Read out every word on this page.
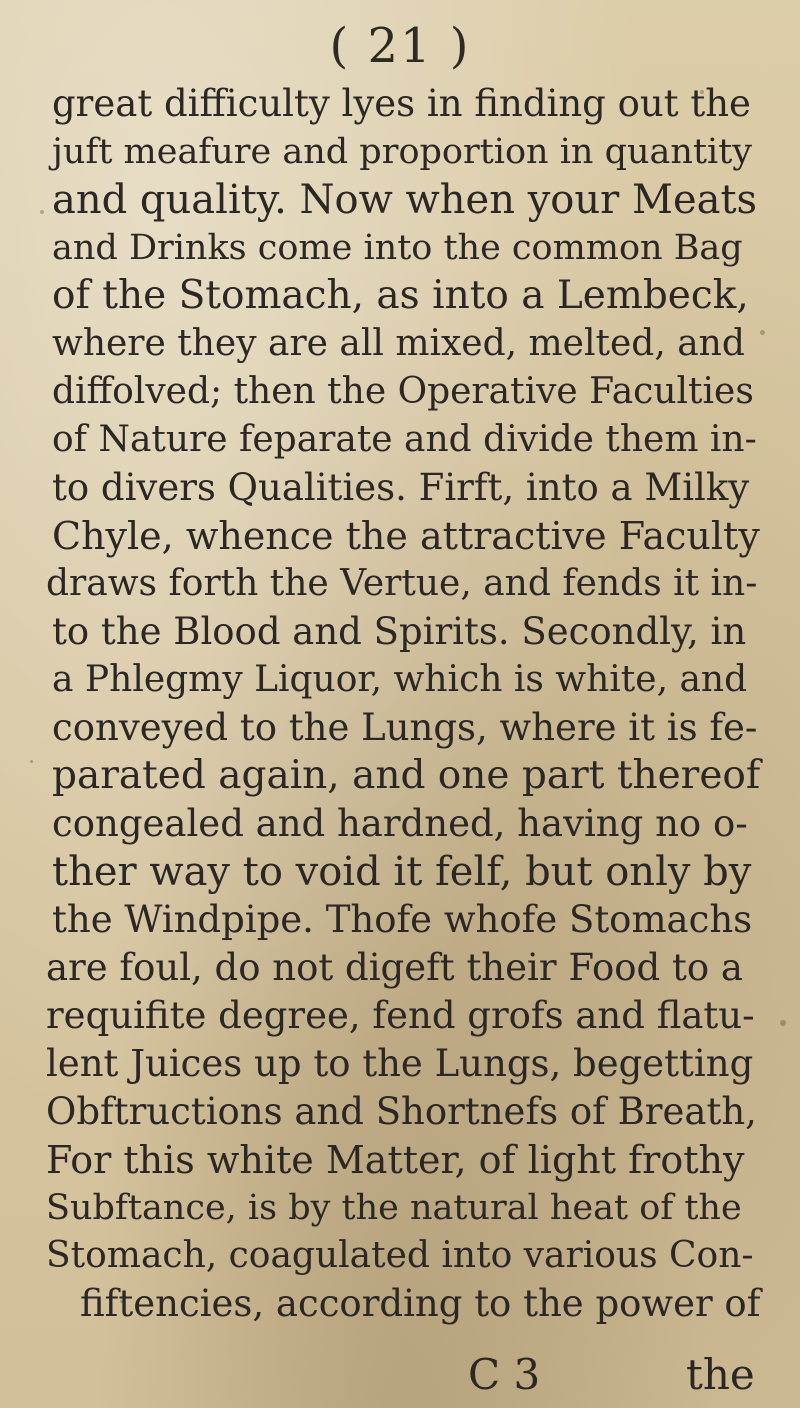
( 21 )
great difficulty lyes in finding out the
juft meafure and proportion in quantity
and quality. Now when your Meats
and Drinks come into the common Bag
of the Stomach, as into a Lembeck,
where they are all mixed, melted, and
diffolved; then the Operative Faculties
of Nature feparate and divide them in-
to divers Qualities. Firft, into a Milky
Chyle, whence the attractive Faculty
draws forth the Vertue, and fends it in-
to the Blood and Spirits. Secondly, in
a Phlegmy Liquor, which is white, and
conveyed to the Lungs, where it is fe-
parated again, and one part thereof
congealed and hardned, having no o-
ther way to void it felf, but only by
the Windpipe. Thofe whofe Stomachs
are foul, do not digeft their Food to a
requifite degree, fend grofs and flatu-
lent Juices up to the Lungs, begetting
Obftructions and Shortnefs of Breath,
For this white Matter, of light frothy
Subftance, is by the natural heat of the
Stomach, coagulated into various Con-
fiftencies, according to the power of
C 3	the
